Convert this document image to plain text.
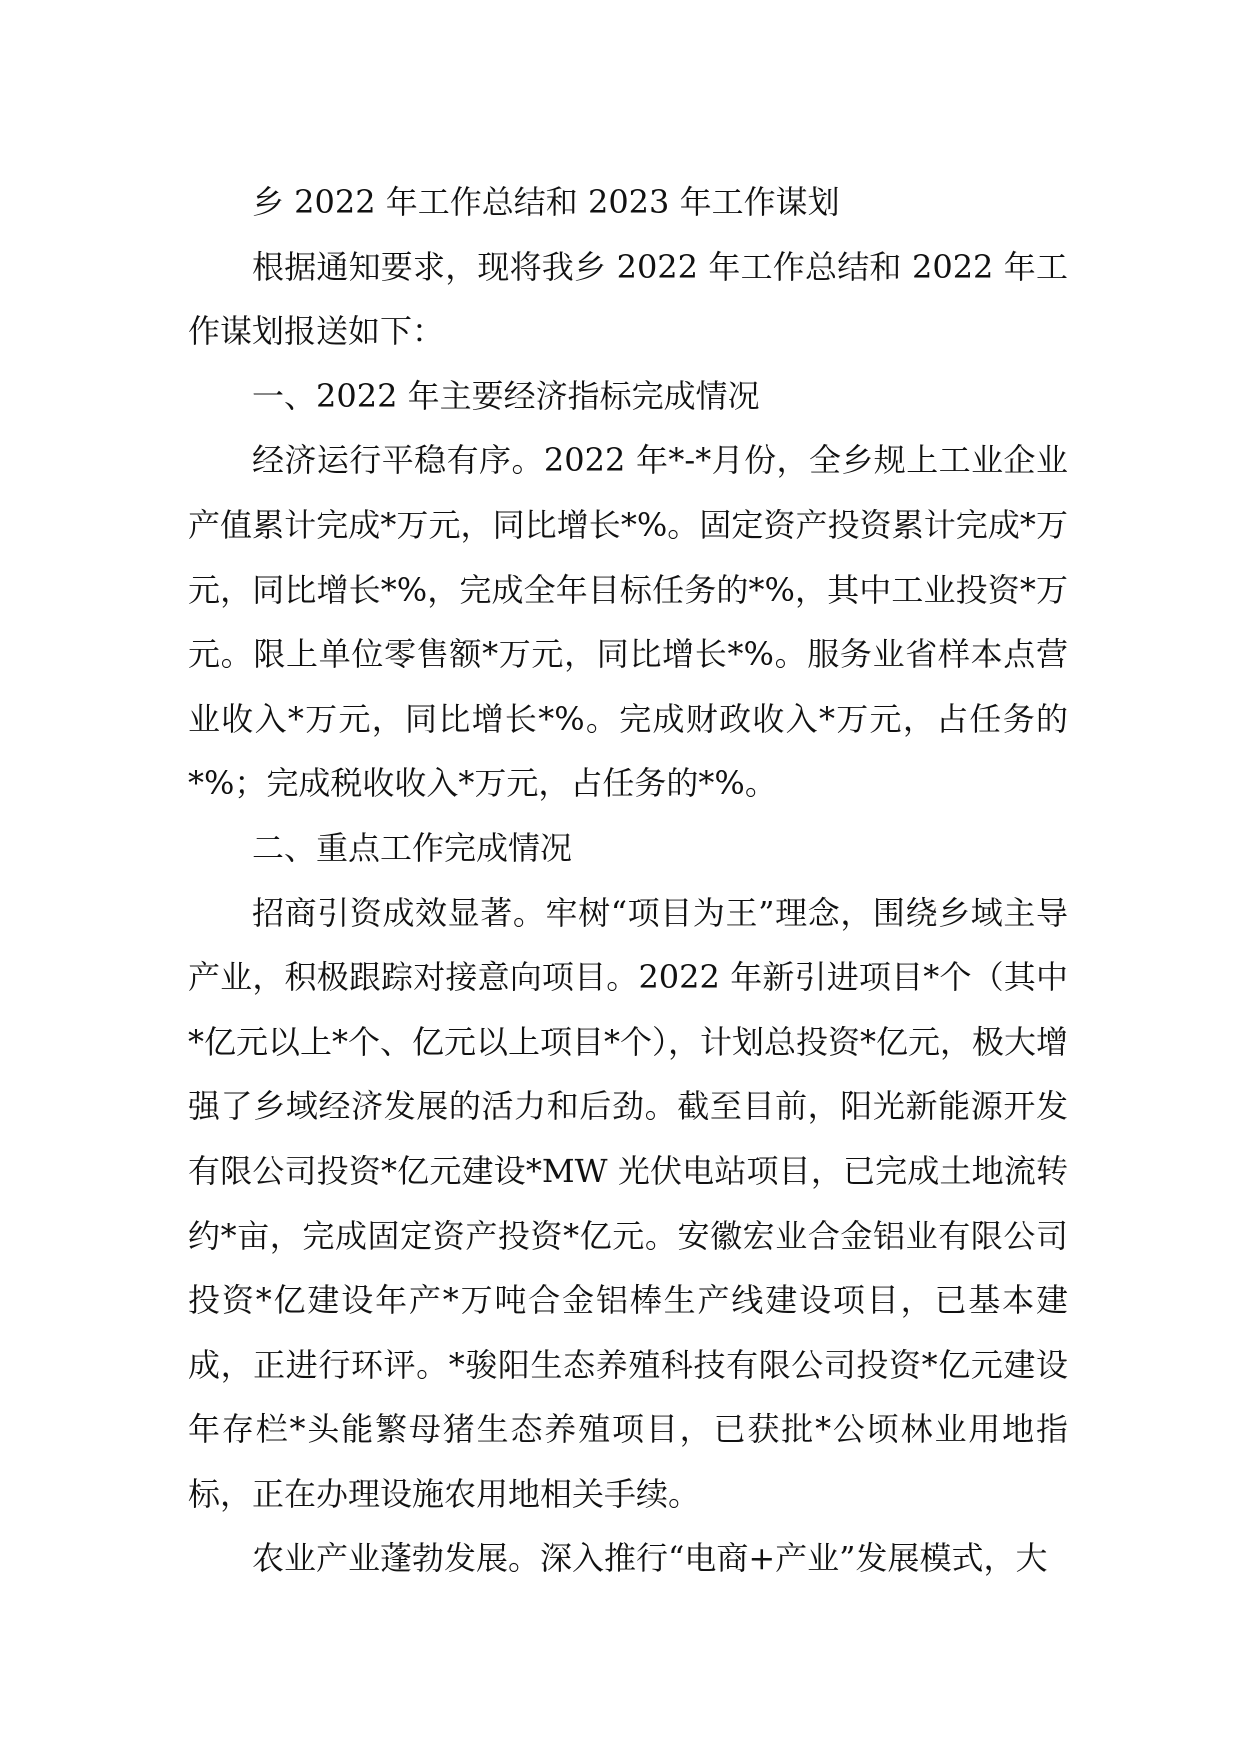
乡 2022 年工作总结和 2023 年工作谋划

根据通知要求，现将我乡 2022 年工作总结和 2022 年工作谋划报送如下：

一、2022 年主要经济指标完成情况

经济运行平稳有序。2022 年*-*月份，全乡规上工业企业产值累计完成*万元，同比增长*%。固定资产投资累计完成*万元，同比增长*%，完成全年目标任务的*%，其中工业投资*万元。限上单位零售额*万元，同比增长*%。服务业省样本点营业收入*万元，同比增长*%。完成财政收入*万元，占任务的*%；完成税收收入*万元，占任务的*%。

二、重点工作完成情况

招商引资成效显著。牢树“项目为王”理念，围绕乡域主导产业，积极跟踪对接意向项目。2022 年新引进项目*个（其中*亿元以上*个、亿元以上项目*个），计划总投资*亿元，极大增强了乡域经济发展的活力和后劲。截至目前，阳光新能源开发有限公司投资*亿元建设*MW 光伏电站项目，已完成土地流转约*亩，完成固定资产投资*亿元。安徽宏业合金铝业有限公司投资*亿建设年产*万吨合金铝棒生产线建设项目，已基本建成，正进行环评。*骏阳生态养殖科技有限公司投资*亿元建设年存栏*头能繁母猪生态养殖项目，已获批*公顷林业用地指标，正在办理设施农用地相关手续。

农业产业蓬勃发展。深入推行“电商+产业”发展模式，大
